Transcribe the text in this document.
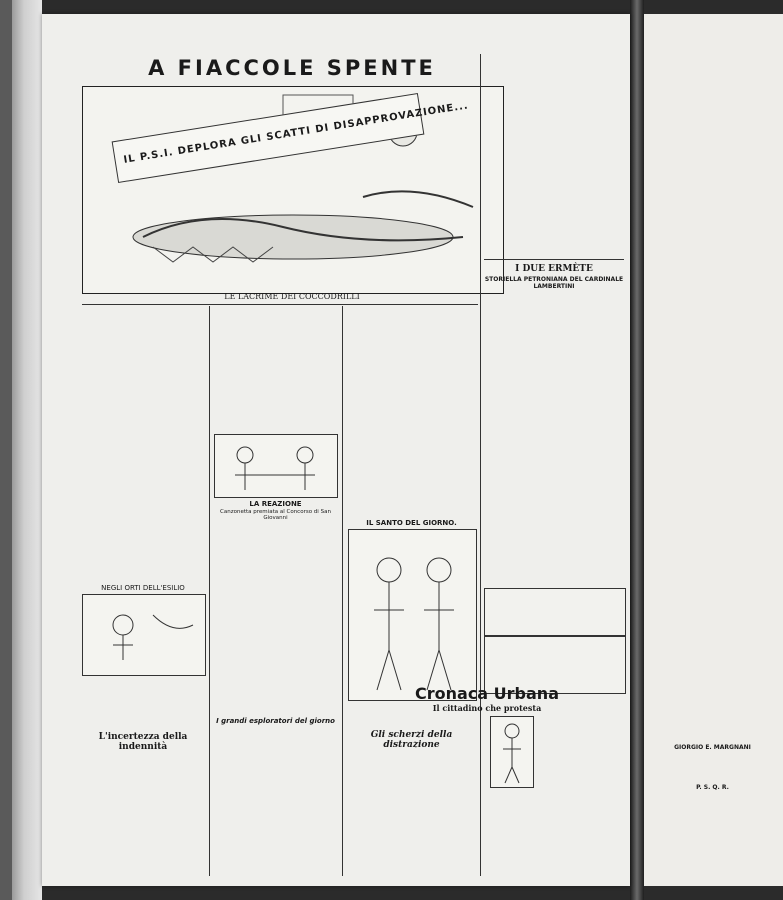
A FIACCOLE SPENTE
IL P.S.I. DEPLORA GLI SCATTI DI DISAPPROVAZIONE...
LE LACRIME DEI COCCODRILLI
NEGLI ORTI DELL'ESILIO
L'incertezza della indennità
LA REAZIONE
Canzonetta premiata al Concorso di San Giovanni
I grandi esploratori del giorno
IL SANTO DEL GIORNO.
Gli scherzi della distrazione
I DUE ERMÈTE
STORIELLA PETRONIANA DEL CARDINALE LAMBERTINI
Cronaca Urbana
Il cittadino che protesta
GIORGIO E. MARGNANI
P. S. Q. R.
